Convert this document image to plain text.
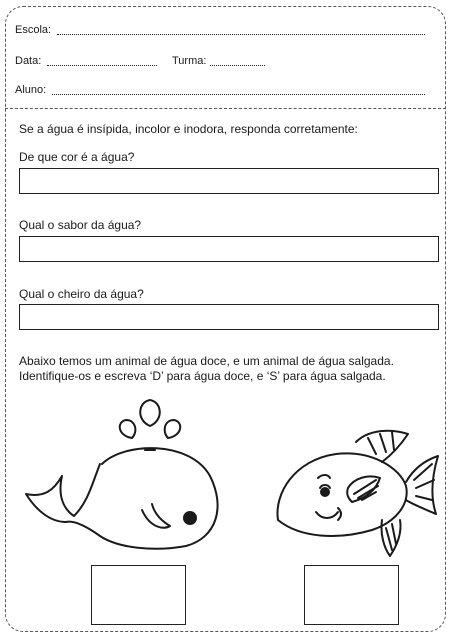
Escola:
Data:	Turma:
Aluno:
Se a água é insípida, incolor e inodora, responda corretamente:
De que cor é a água?
Qual o sabor da água?
Qual o cheiro da água?
Abaixo temos um animal de água doce, e um animal de água salgada.
Identifique-os e escreva ‘D’ para água doce, e ‘S’ para água salgada.
